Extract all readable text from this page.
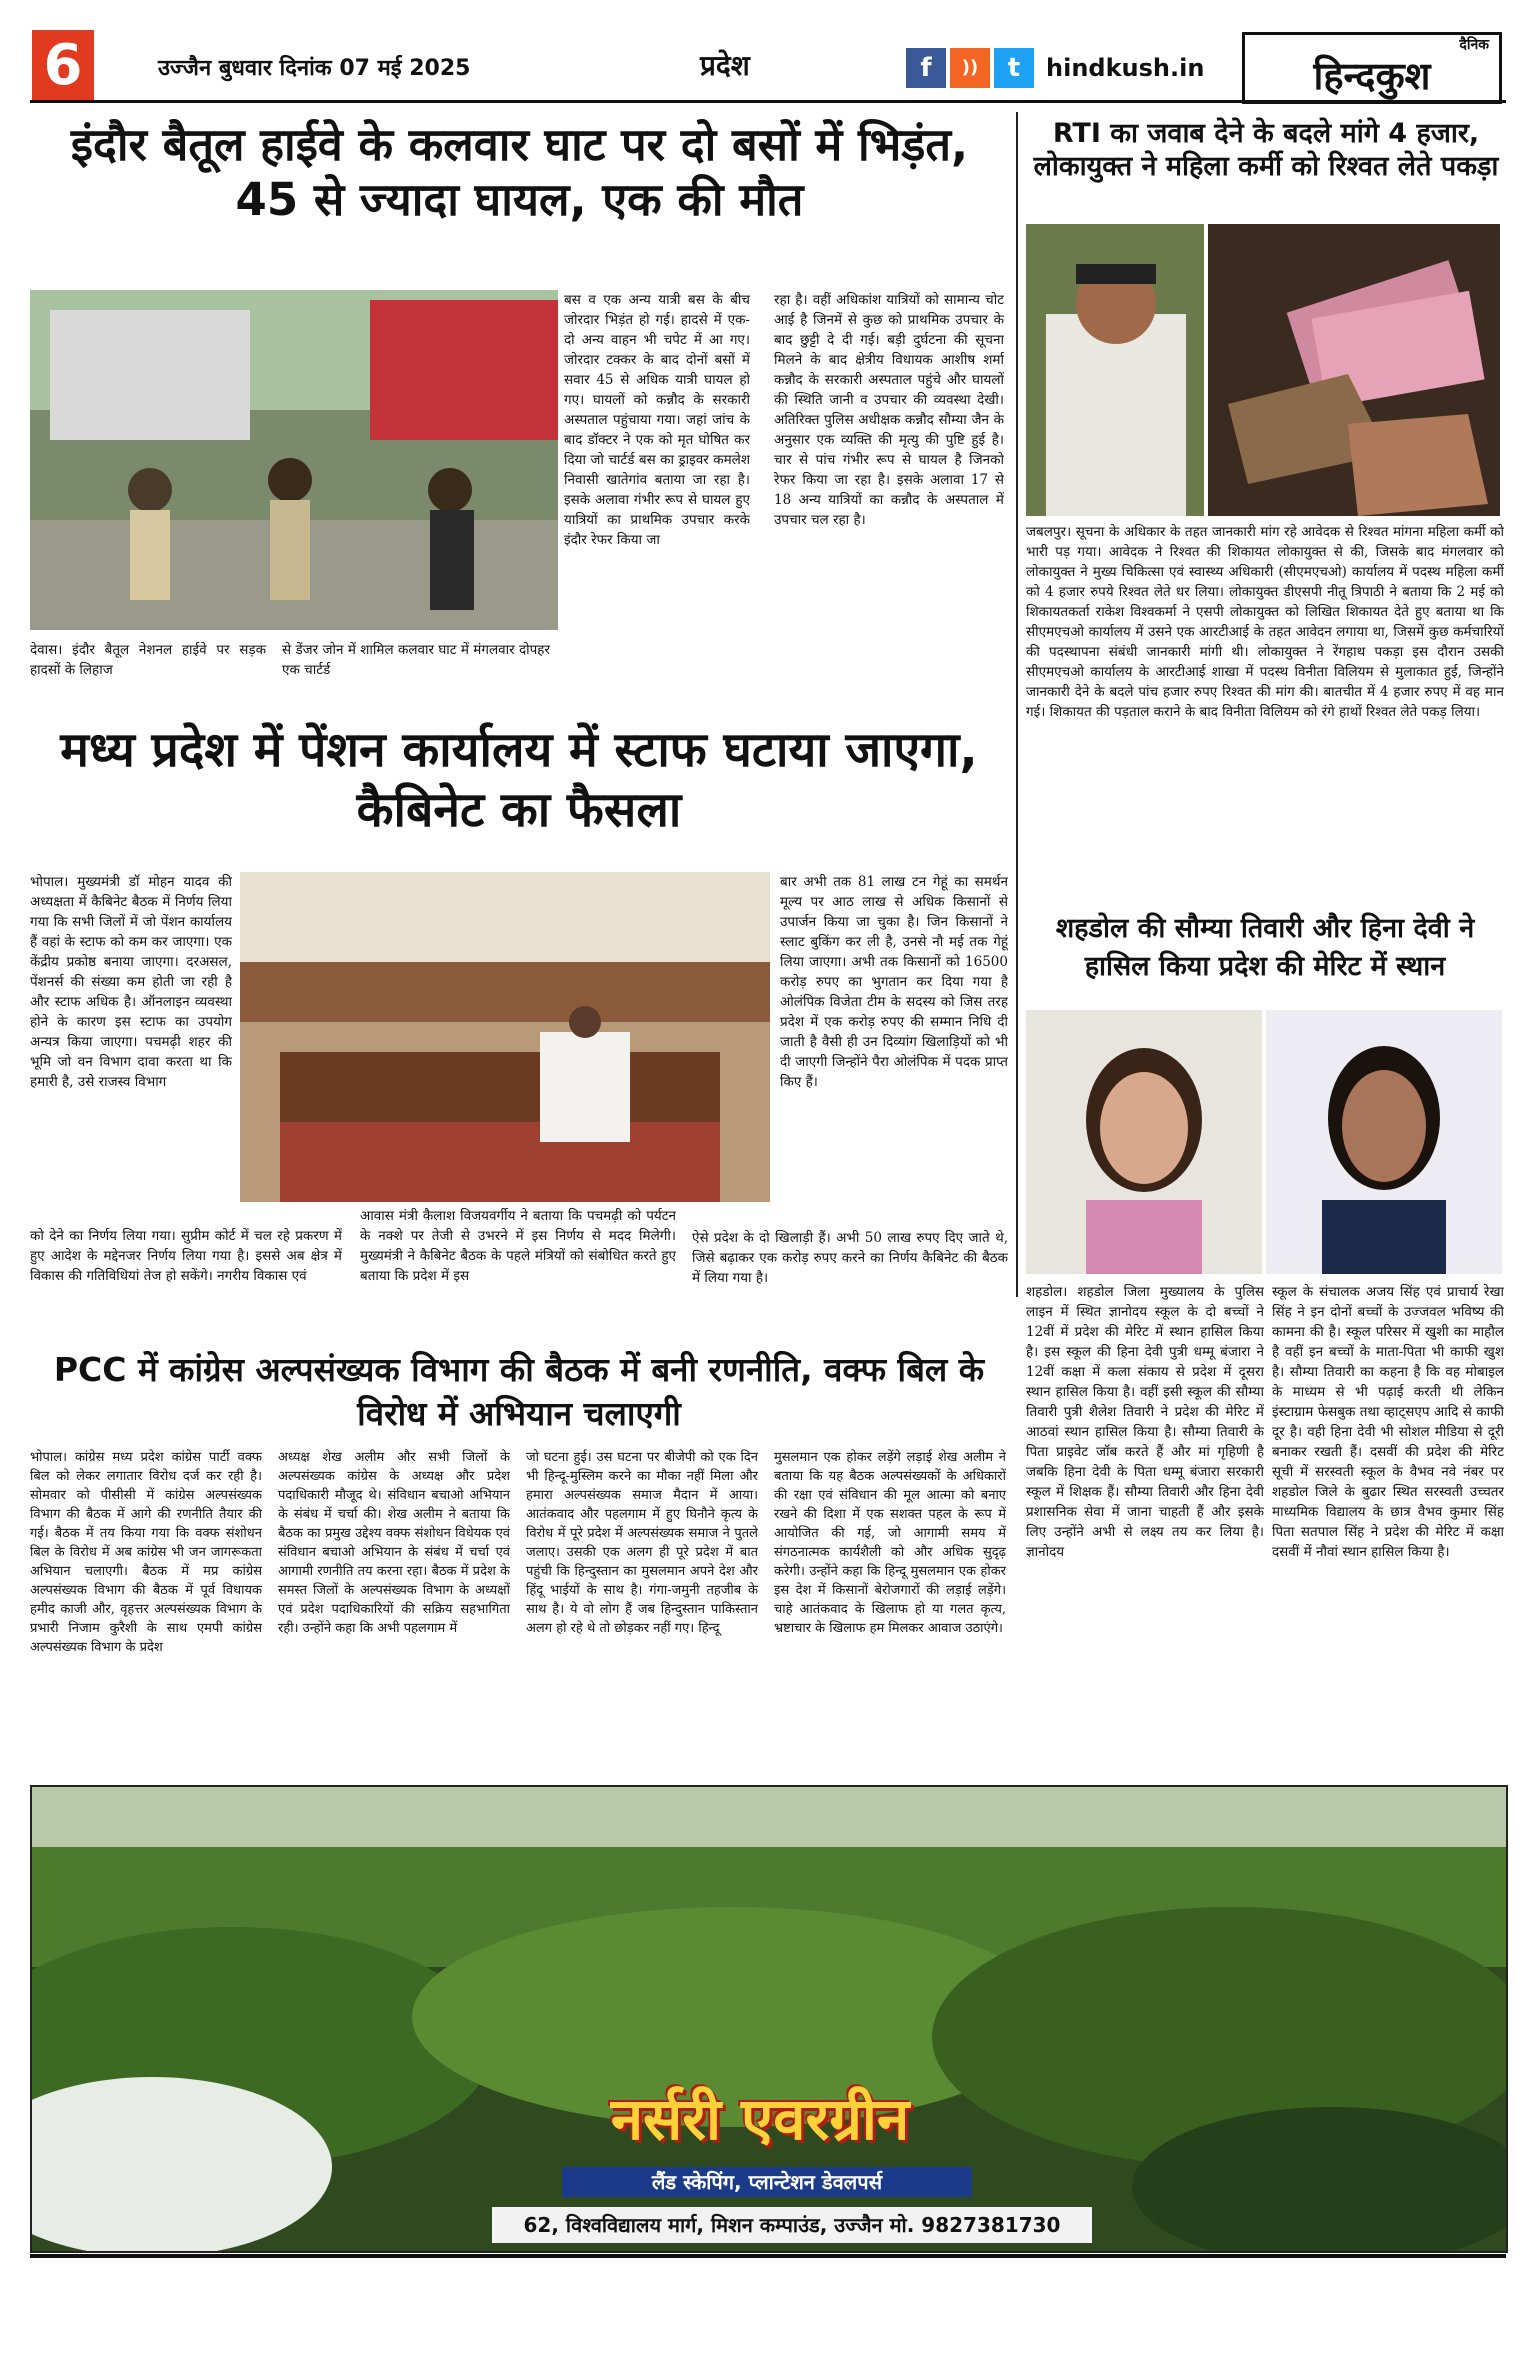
6	उज्जैन बुधवार दिनांक 07 मई 2025	प्रदेश	f	))	t	hindkush.in
दैनिक
हिन्दकुश
इंदौर बैतूल हाईवे के कलवार घाट पर दो बसों में भिड़ंत, 45 से ज्यादा घायल, एक की मौत
देवास। इंदौर बैतूल नेशनल हाईवे पर सड़क हादसों के लिहाज
से डेंजर जोन में शामिल कलवार घाट में मंगलवार दोपहर एक चार्टर्ड
बस व एक अन्य यात्री बस के बीच जोरदार भिड़ंत हो गई। हादसे में एक-दो अन्य वाहन भी चपेट में आ गए। जोरदार टक्कर के बाद दोनों बसों में सवार 45 से अधिक यात्री घायल हो गए। घायलों को कन्नौद के सरकारी अस्पताल पहुंचाया गया। जहां जांच के बाद डॉक्टर ने एक को मृत घोषित कर दिया जो चार्टर्ड बस का ड्राइवर कमलेश निवासी खातेगांव बताया जा रहा है। इसके अलावा गंभीर रूप से घायल हुए यात्रियों का प्राथमिक उपचार करके इंदौर रेफर किया जा
रहा है। वहीं अधिकांश यात्रियों को सामान्य चोट आई है जिनमें से कुछ को प्राथमिक उपचार के बाद छुट्टी दे दी गई। बड़ी दुर्घटना की सूचना मिलने के बाद क्षेत्रीय विधायक आशीष शर्मा कन्नौद के सरकारी अस्पताल पहुंचे और घायलों की स्थिति जानी व उपचार की व्यवस्था देखी। अतिरिक्त पुलिस अधीक्षक कन्नौद सौम्या जैन के अनुसार एक व्यक्ति की मृत्यु की पुष्टि हुई है। चार से पांच गंभीर रूप से घायल है जिनको रेफर किया जा रहा है। इसके अलावा 17 से 18 अन्य यात्रियों का कन्नौद के अस्पताल में उपचार चल रहा है।
RTI का जवाब देने के बदले मांगे 4 हजार, लोकायुक्त ने महिला कर्मी को रिश्वत लेते पकड़ा
जबलपुर। सूचना के अधिकार के तहत जानकारी मांग रहे आवेदक से रिश्वत मांगना महिला कर्मी को भारी पड़ गया। आवेदक ने रिश्वत की शिकायत लोकायुक्त से की, जिसके बाद मंगलवार को लोकायुक्त ने मुख्य चिकित्सा एवं स्वास्थ्य अधिकारी (सीएमएचओ) कार्यालय में पदस्थ महिला कर्मी को 4 हजार रुपये रिश्वत लेते धर लिया। लोकायुक्त डीएसपी नीतू त्रिपाठी ने बताया कि 2 मई को शिकायतकर्ता राकेश विश्वकर्मा ने एसपी लोकायुक्त को लिखित शिकायत देते हुए बताया था कि सीएमएचओ कार्यालय में उसने एक आरटीआई के तहत आवेदन लगाया था, जिसमें कुछ कर्मचारियों की पदस्थापना संबंधी जानकारी मांगी थी। लोकायुक्त ने रेंगहाथ पकड़ा इस दौरान उसकी सीएमएचओ कार्यालय के आरटीआई शाखा में पदस्थ विनीता विलियम से मुलाकात हुई, जिन्होंने जानकारी देने के बदले पांच हजार रुपए रिश्वत की मांग की। बातचीत में 4 हजार रुपए में वह मान गई। शिकायत की पड़ताल कराने के बाद विनीता विलियम को रंगे हाथों रिश्वत लेते पकड़ लिया।
मध्य प्रदेश में पेंशन कार्यालय में स्टाफ घटाया जाएगा, कैबिनेट का फैसला
भोपाल। मुख्यमंत्री डॉ मोहन यादव की अध्यक्षता में कैबिनेट बैठक में निर्णय लिया गया कि सभी जिलों में जो पेंशन कार्यालय हैं वहां के स्टाफ को कम कर जाएगा। एक केंद्रीय प्रकोष्ठ बनाया जाएगा। दरअसल, पेंशनर्स की संख्या कम होती जा रही है और स्टाफ अधिक है। ऑनलाइन व्यवस्था होने के कारण इस स्टाफ का उपयोग अन्यत्र किया जाएगा। पचमढ़ी शहर की भूमि जो वन विभाग दावा करता था कि हमारी है, उसे राजस्व विभाग
बार अभी तक 81 लाख टन गेहूं का समर्थन मूल्य पर आठ लाख से अधिक किसानों से उपार्जन किया जा चुका है। जिन किसानों ने स्लाट बुकिंग कर ली है, उनसे नौ मई तक गेहूं लिया जाएगा। अभी तक किसानों को 16500 करोड़ रुपए का भुगतान कर दिया गया है ओलंपिक विजेता टीम के सदस्य को जिस तरह प्रदेश में एक करोड़ रुपए की सम्मान निधि दी जाती है वैसी ही उन दिव्यांग खिलाड़ियों को भी दी जाएगी जिन्होंने पैरा ओलंपिक में पदक प्राप्त किए हैं।
को देने का निर्णय लिया गया। सुप्रीम कोर्ट में चल रहे प्रकरण में हुए आदेश के मद्देनजर निर्णय लिया गया है। इससे अब क्षेत्र में विकास की गतिविधियां तेज हो सकेंगे। नगरीय विकास एवं
आवास मंत्री कैलाश विजयवर्गीय ने बताया कि पचमढ़ी को पर्यटन के नक्शे पर तेजी से उभरने में इस निर्णय से मदद मिलेगी। मुख्यमंत्री ने कैबिनेट बैठक के पहले मंत्रियों को संबोधित करते हुए बताया कि प्रदेश में इस
ऐसे प्रदेश के दो खिलाड़ी हैं। अभी 50 लाख रुपए दिए जाते थे, जिसे बढ़ाकर एक करोड़ रुपए करने का निर्णय कैबिनेट की बैठक में लिया गया है।
शहडोल की सौम्या तिवारी और हिना देवी ने हासिल किया प्रदेश की मेरिट में स्थान
शहडोल। शहडोल जिला मुख्यालय के पुलिस लाइन में स्थित ज्ञानोदय स्कूल के दो बच्चों ने 12वीं में प्रदेश की मेरिट में स्थान हासिल किया है। इस स्कूल की हिना देवी पुत्री धम्मू बंजारा ने 12वीं कक्षा में कला संकाय से प्रदेश में दूसरा स्थान हासिल किया है। वहीं इसी स्कूल की सौम्या तिवारी पुत्री शैलेश तिवारी ने प्रदेश की मेरिट में आठवां स्थान हासिल किया है। सौम्या तिवारी के पिता प्राइवेट जॉब करते हैं और मां गृहिणी है जबकि हिना देवी के पिता धम्मू बंजारा सरकारी स्कूल में शिक्षक हैं। सौम्या तिवारी और हिना देवी प्रशासनिक सेवा में जाना चाहती हैं और इसके लिए उन्होंने अभी से लक्ष्य तय कर लिया है। ज्ञानोदय
स्कूल के संचालक अजय सिंह एवं प्राचार्य रेखा सिंह ने इन दोनों बच्चों के उज्जवल भविष्य की कामना की है। स्कूल परिसर में खुशी का माहौल है वहीं इन बच्चों के माता-पिता भी काफी खुश है। सौम्या तिवारी का कहना है कि वह मोबाइल के माध्यम से भी पढ़ाई करती थी लेकिन इंस्टाग्राम फेसबुक तथा व्हाट्सएप आदि से काफी दूर है। वही हिना देवी भी सोशल मीडिया से दूरी बनाकर रखती हैं। दसवीं की प्रदेश की मेरिट सूची में सरस्वती स्कूल के वैभव नवे नंबर पर शहडोल जिले के बुढार स्थित सरस्वती उच्चतर माध्यमिक विद्यालय के छात्र वैभव कुमार सिंह पिता सतपाल सिंह ने प्रदेश की मेरिट में कक्षा दसवीं में नौवां स्थान हासिल किया है।
PCC में कांग्रेस अल्पसंख्यक विभाग की बैठक में बनी रणनीति, वक्फ बिल के विरोध में अभियान चलाएगी
भोपाल। कांग्रेस मध्य प्रदेश कांग्रेस पार्टी वक्फ बिल को लेकर लगातार विरोध दर्ज कर रही है। सोमवार को पीसीसी में कांग्रेस अल्पसंख्यक विभाग की बैठक में आगे की रणनीति तैयार की गई। बैठक में तय किया गया कि वक्फ संशोधन बिल के विरोध में अब कांग्रेस भी जन जागरूकता अभियान चलाएगी। बैठक में मप्र कांग्रेस अल्पसंख्यक विभाग की बैठक में पूर्व विधायक हमीद काजी और, वृहत्तर अल्पसंख्यक विभाग के प्रभारी निजाम कुरैशी के साथ एमपी कांग्रेस अल्पसंख्यक विभाग के प्रदेश
अध्यक्ष शेख अलीम और सभी जिलों के अल्पसंख्यक कांग्रेस के अध्यक्ष और प्रदेश पदाधिकारी मौजूद थे। संविधान बचाओ अभियान के संबंध में चर्चा की। शेख अलीम ने बताया कि बैठक का प्रमुख उद्देश्य वक्फ संशोधन विधेयक एवं संविधान बचाओ अभियान के संबंध में चर्चा एवं आगामी रणनीति तय करना रहा। बैठक में प्रदेश के समस्त जिलों के अल्पसंख्यक विभाग के अध्यक्षों एवं प्रदेश पदाधिकारियों की सक्रिय सहभागिता रही। उन्होंने कहा कि अभी पहलगाम में
जो घटना हुई। उस घटना पर बीजेपी को एक दिन भी हिन्दू-मुस्लिम करने का मौका नहीं मिला और हमारा अल्पसंख्यक समाज मैदान में आया। आतंकवाद और पहलगाम में हुए घिनौने कृत्य के विरोध में पूरे प्रदेश में अल्पसंख्यक समाज ने पुतले जलाए। उसकी एक अलग ही पूरे प्रदेश में बात पहुंची कि हिन्दुस्तान का मुसलमान अपने देश और हिंदू भाईयों के साथ है। गंगा-जमुनी तहजीब के साथ है। ये वो लोग हैं जब हिन्दुस्तान पाकिस्तान अलग हो रहे थे तो छोड़कर नहीं गए। हिन्दू
मुसलमान एक होकर लड़ेंगे लड़ाई शेख अलीम ने बताया कि यह बैठक अल्पसंख्यकों के अधिकारों की रक्षा एवं संविधान की मूल आत्मा को बनाए रखने की दिशा में एक सशक्त पहल के रूप में आयोजित की गई, जो आगामी समय में संगठनात्मक कार्यशैली को और अधिक सुदृढ़ करेगी। उन्होंने कहा कि हिन्दू मुसलमान एक होकर इस देश में किसानों बेरोजगारों की लड़ाई लड़ेंगे। चाहे आतंकवाद के खिलाफ हो या गलत कृत्य, भ्रष्टाचार के खिलाफ हम मिलकर आवाज उठाएंगे।
नर्सरी एवरग्रीन
लैंड स्केपिंग, प्लान्टेशन डेवलपर्स
62, विश्वविद्यालय मार्ग, मिशन कम्पाउंड, उज्जैन मो. 9827381730
